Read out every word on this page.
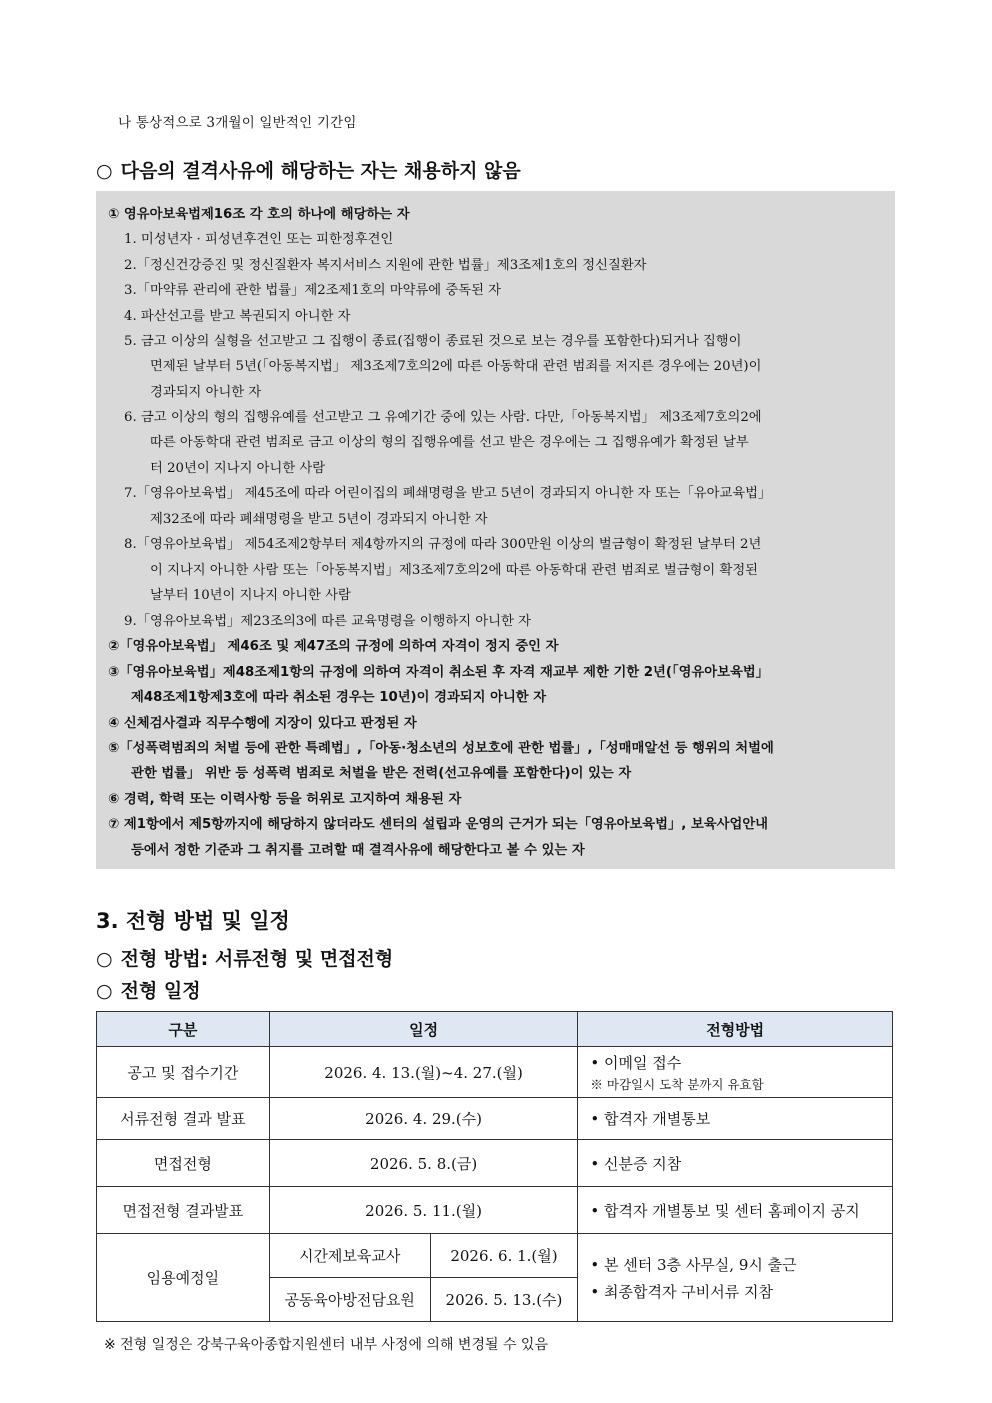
나 통상적으로 3개월이 일반적인 기간임
○ 다음의 결격사유에 해당하는 자는 채용하지 않음
① 영유아보육법제16조 각 호의 하나에 해당하는 자
1. 미성년자 · 피성년후견인 또는 피한정후견인
2.「정신건강증진 및 정신질환자 복지서비스 지원에 관한 법률」제3조제1호의 정신질환자
3.「마약류 관리에 관한 법률」제2조제1호의 마약류에 중독된 자
4. 파산선고를 받고 복권되지 아니한 자
5. 금고 이상의 실형을 선고받고 그 집행이 종료(집행이 종료된 것으로 보는 경우를 포함한다)되거나 집행이
면제된 날부터 5년(「아동복지법」 제3조제7호의2에 따른 아동학대 관련 범죄를 저지른 경우에는 20년)이
경과되지 아니한 자
6. 금고 이상의 형의 집행유예를 선고받고 그 유예기간 중에 있는 사람. 다만,「아동복지법」 제3조제7호의2에
따른 아동학대 관련 범죄로 금고 이상의 형의 집행유예를 선고 받은 경우에는 그 집행유예가 확정된 날부
터 20년이 지나지 아니한 사람
7.「영유아보육법」 제45조에 따라 어린이집의 폐쇄명령을 받고 5년이 경과되지 아니한 자 또는「유아교육법」
제32조에 따라 폐쇄명령을 받고 5년이 경과되지 아니한 자
8.「영유아보육법」 제54조제2항부터 제4항까지의 규정에 따라 300만원 이상의 벌금형이 확정된 날부터 2년
이 지나지 아니한 사람 또는「아동복지법」제3조제7호의2에 따른 아동학대 관련 범죄로 벌금형이 확정된
날부터 10년이 지나지 아니한 사람
9.「영유아보육법」제23조의3에 따른 교육명령을 이행하지 아니한 자
②「영유아보육법」 제46조 및 제47조의 규정에 의하여 자격이 정지 중인 자
③「영유아보육법」제48조제1항의 규정에 의하여 자격이 취소된 후 자격 재교부 제한 기한 2년(「영유아보육법」
제48조제1항제3호에 따라 취소된 경우는 10년)이 경과되지 아니한 자
④ 신체검사결과 직무수행에 지장이 있다고 판정된 자
⑤「성폭력범죄의 처벌 등에 관한 특례법」,「아동·청소년의 성보호에 관한 법률」,「성매매알선 등 행위의 처벌에
관한 법률」 위반 등 성폭력 범죄로 처벌을 받은 전력(선고유예를 포함한다)이 있는 자
⑥ 경력, 학력 또는 이력사항 등을 허위로 고지하여 채용된 자
⑦ 제1항에서 제5항까지에 해당하지 않더라도 센터의 설립과 운영의 근거가 되는「영유아보육법」, 보육사업안내
등에서 정한 기준과 그 취지를 고려할 때 결격사유에 해당한다고 볼 수 있는 자
3. 전형 방법 및 일정
○ 전형 방법: 서류전형 및 면접전형
○ 전형 일정
구분	일정		전형방법
공고 및 접수기간	2026. 4. 13.(월)~4. 27.(월)		• 이메일 접수
※ 마감일시 도착 분까지 유효함

서류전형 결과 발표	2026. 4. 29.(수)		• 합격자 개별통보
면접전형	2026. 5. 8.(금)		• 신분증 지참
면접전형 결과발표	2026. 5. 11.(월)		• 합격자 개별통보 및 센터 홈페이지 공지
임용예정일	시간제보육교사	2026. 6. 1.(월)	• 본 센터 3층 사무실, 9시 출근
• 최종합격자 구비서류 지참

	공동육아방전담요원	2026. 5. 13.(수)	
※ 전형 일정은 강북구육아종합지원센터 내부 사정에 의해 변경될 수 있음
